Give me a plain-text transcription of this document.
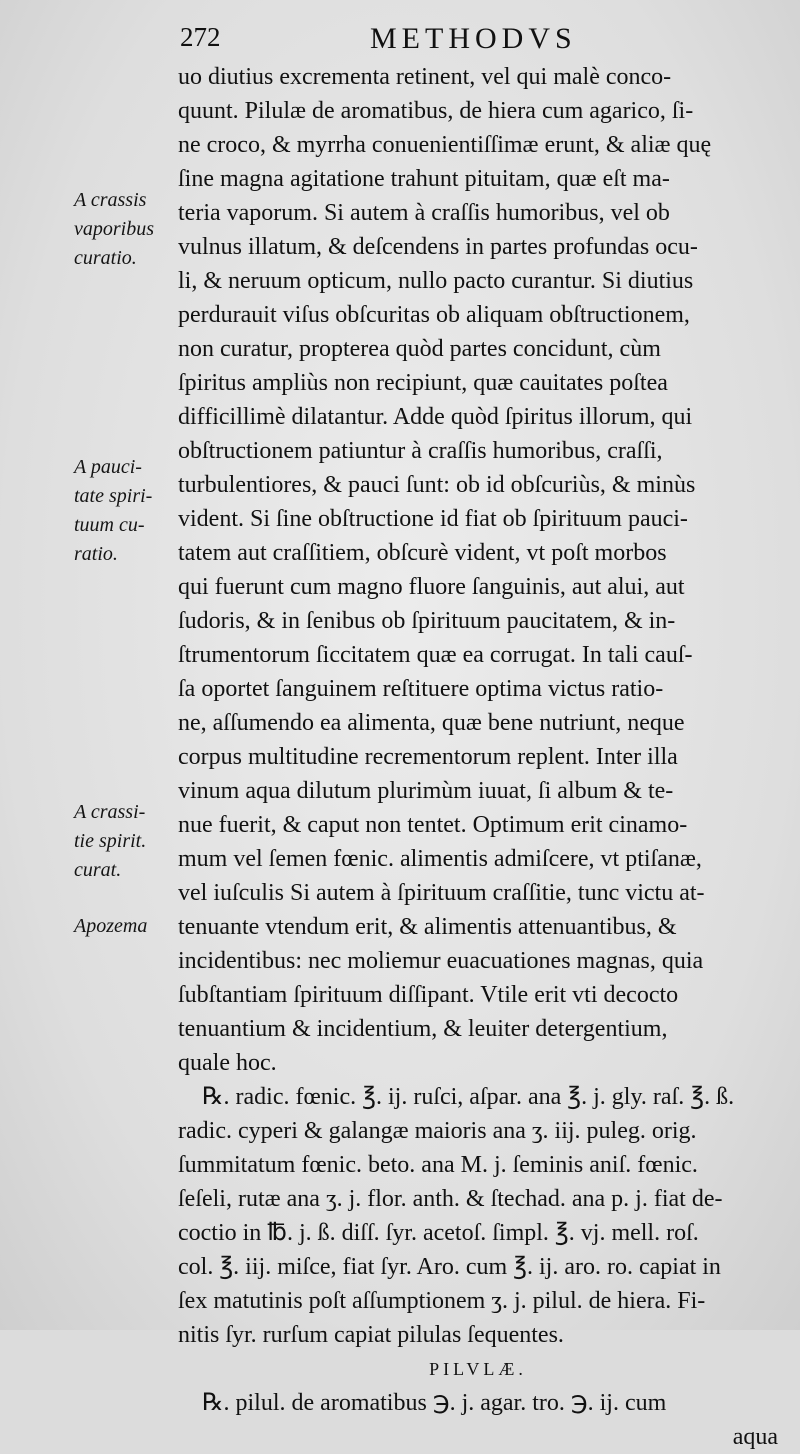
272	METHODVS
A crassis
vaporibus
curatio.
A pauci-
tate spiri-
tuum cu-
ratio.
A crassi-
tie spirit.
curat.
Apozema
uo diutius excrementa retinent, vel qui malè conco-
quunt. Pilulæ de aromatibus, de hiera cum agarico, ſi-
ne croco, & myrrha conuenientiſſimæ erunt, & aliæ quę
ſine magna agitatione trahunt pituitam, quæ eſt ma-
teria vaporum. Si autem à craſſis humoribus, vel ob
vulnus illatum, & deſcendens in partes profundas ocu-
li, & neruum opticum, nullo pacto curantur. Si diutius
perdurauit viſus obſcuritas ob aliquam obſtructionem,
non curatur, propterea quòd partes concidunt, cùm
ſpiritus ampliùs non recipiunt, quæ cauitates poſtea
difficillimè dilatantur. Adde quòd ſpiritus illorum, qui
obſtructionem patiuntur à craſſis humoribus, craſſi,
turbulentiores, & pauci ſunt: ob id obſcuriùs, & minùs
vident. Si ſine obſtructione id fiat ob ſpirituum pauci-
tatem aut craſſitiem, obſcurè vident, vt poſt morbos
qui fuerunt cum magno fluore ſanguinis, aut alui, aut
ſudoris, & in ſenibus ob ſpirituum paucitatem, & in-
ſtrumentorum ſiccitatem quæ ea corrugat. In tali cauſ-
ſa oportet ſanguinem reſtituere optima victus ratio-
ne, aſſumendo ea alimenta, quæ bene nutriunt, neque
corpus multitudine recrementorum replent. Inter illa
vinum aqua dilutum plurimùm iuuat, ſi album & te-
nue fuerit, & caput non tentet. Optimum erit cinamo-
mum vel ſemen fœnic. alimentis admiſcere, vt ptiſanæ,
vel iuſculis Si autem à ſpirituum craſſitie, tunc victu at-
tenuante vtendum erit, & alimentis attenuantibus, &
incidentibus: nec moliemur euacuationes magnas, quia
ſubſtantiam ſpirituum diſſipant. Vtile erit vti decocto
tenuantium & incidentium, & leuiter detergentium,
quale hoc.
℞. radic. fœnic. ℥. ij. ruſci, aſpar. ana ℥. j. gly. raſ. ℥. ß.
radic. cyperi & galangæ maioris ana ʒ. iij. puleg. orig.
ſummitatum fœnic. beto. ana M. j. ſeminis aniſ. fœnic.
ſeſeli, rutæ ana ʒ. j. flor. anth. & ſtechad. ana p. j. fiat de-
coctio in ℔. j. ß. diſſ. ſyr. acetoſ. ſimpl. ℥. vj. mell. roſ.
col. ℥. iij. miſce, fiat ſyr. Aro. cum ℥. ij. aro. ro. capiat in
ſex matutinis poſt aſſumptionem ʒ. j. pilul. de hiera. Fi-
nitis ſyr. rurſum capiat pilulas ſequentes.
PILVLÆ.
℞. pilul. de aromatibus ℈. j. agar. tro. ℈. ij. cum
aqua
